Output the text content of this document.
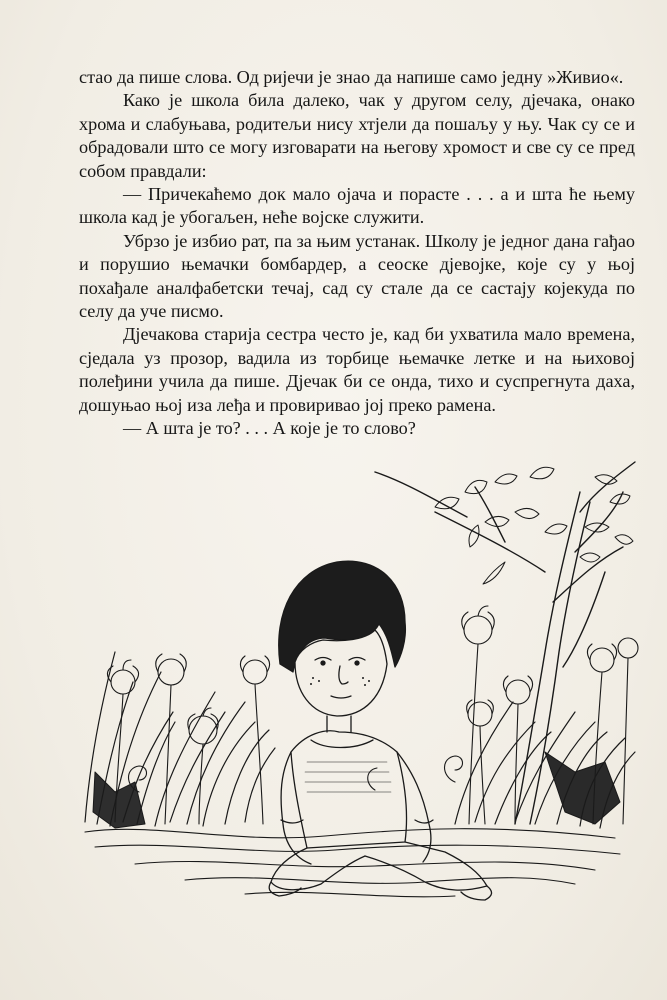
стао да пише слова. Од ријечи је знао да напише само једну »Живио«.

Како је школа била далеко, чак у другом селу, дјечака, онако хрома и слабуњава, родитељи нису хтјели да пошаљу у њу. Чак су се и обрадовали што се могу изговарати на његову хромост и све су се пред собом правдали:

— Причекаћемо док мало ојача и порасте . . . а и шта ће њему школа кад је убогаљен, неће војске служити.

Убрзо је избио рат, па за њим устанак. Школу је једног дана гађао и порушио њемачки бомбардер, а сеоске дјевојке, које су у њој похађале аналфабетски течај, сад су стале да се састају којекуда по селу да уче писмо.

Дјечакова старија сестра често је, кад би ухватила мало времена, сједала уз прозор, вадила из торбице њемачке летке и на њиховој полеђини учила да пише. Дјечак би се онда, тихо и суспрегнута даха, дошуњао њој иза леђа и провиривао јој преко рамена.

— А шта је то? . . . А које је то слово?
